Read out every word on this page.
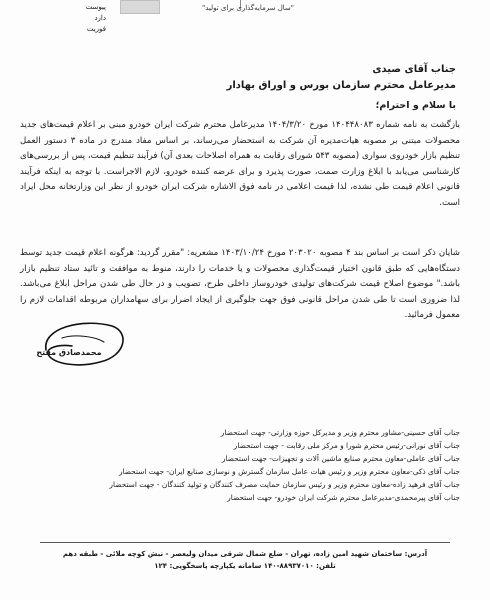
پیوست
دارد
فوریت
"سال سرمایه‌گذاری برای تولید"
جناب آقای صیدی
مدیرعامل محترم سازمان بورس و اوراق بهادار
با سلام و احترام؛

بازگشت به نامه شماره ۱۴۰۴۴۸۰۸۳ مورخ ۱۴۰۴/۳/۲۰ مدیرعامل محترم شرکت ایران خودرو مبنی بر اعلام قیمت‌های جدید محصولات مبتنی بر مصوبه هیات‌مدیره آن شرکت به استحضار می‌رساند، بر اساس مفاد مندرج در ماده ۳ دستور العمل تنظیم بازار خودروی سواری (مصوبه ۵۴۳ شورای رقابت به همراه اصلاحات بعدی آن) فرآیند تنظیم قیمت، پس از بررسی‌های کارشناسی می‌یابد با ابلاغ وزارت صمت، صورت پذیرد و برای عرضه کننده خودرو، لازم الاجراست. با توجه به اینکه فرآیند قانونی اعلام قیمت طی نشده، لذا قیمت اعلامی در نامه فوق الاشاره شرکت ایران خودرو از نظر این وزارتخانه محل ایراد است.

شایان ذکر است بر اساس بند ۴ مصوبه ۲۰۳۰۲۰ مورخ ۱۴۰۳/۱۰/۲۴ مشعریه: "مقرر گردید: هرگونه اعلام قیمت جدید توسط دستگاه‌هایی که طبق قانون اختیار قیمت‌گذاری محصولات و یا خدمات را دارند، منوط به موافقت و تائید ستاد تنظیم بازار باشد." موضوع اصلاح قیمت شرکت‌های تولیدی خودروساز داخلی طرح، تصویب و در حال طی شدن مراحل ابلاغ می‌باشد. لذا ضروری است تا طی شدن مراحل قانونی فوق جهت جلوگیری از ایجاد اضرار برای سهامداران مربوطه اقدامات لازم را معمول فرمائید.

محمدصادق مفتح
جناب آقای حسینی-مشاور محترم وزیر و مدیرکل حوزه وزارتی- جهت استحضار
جناب آقای نورانی-رئیس محترم شورا و مرکز ملی رقابت - جهت استحضار
جناب آقای عاملی-معاون محترم صنایع ماشین آلات و تجهیزات- جهت استحضار
جناب آقای ذکی-معاون محترم وزیر و رئیس هیات عامل سازمان گسترش و نوسازی صنایع ایران- جهت استحضار
جناب آقای فرهید زاده-معاون محترم وزیر و رئیس سازمان حمایت مصرف کنندگان و تولید کنندگان - جهت استحضار
جناب آقای پیرمحمدی-مدیرعامل محترم شرکت ایران خودرو- جهت استحضار
آدرس: ساختمان شهید امین زاده، تهران - ضلع شمال شرقی میدان ولیعصر - نبش کوچه ملائی - طبقه دهم
تلفن: ۸۸۹۳۷۰۱۰-۱۴۰ سامانه یکپارچه پاسخگویی: ۱۲۴
